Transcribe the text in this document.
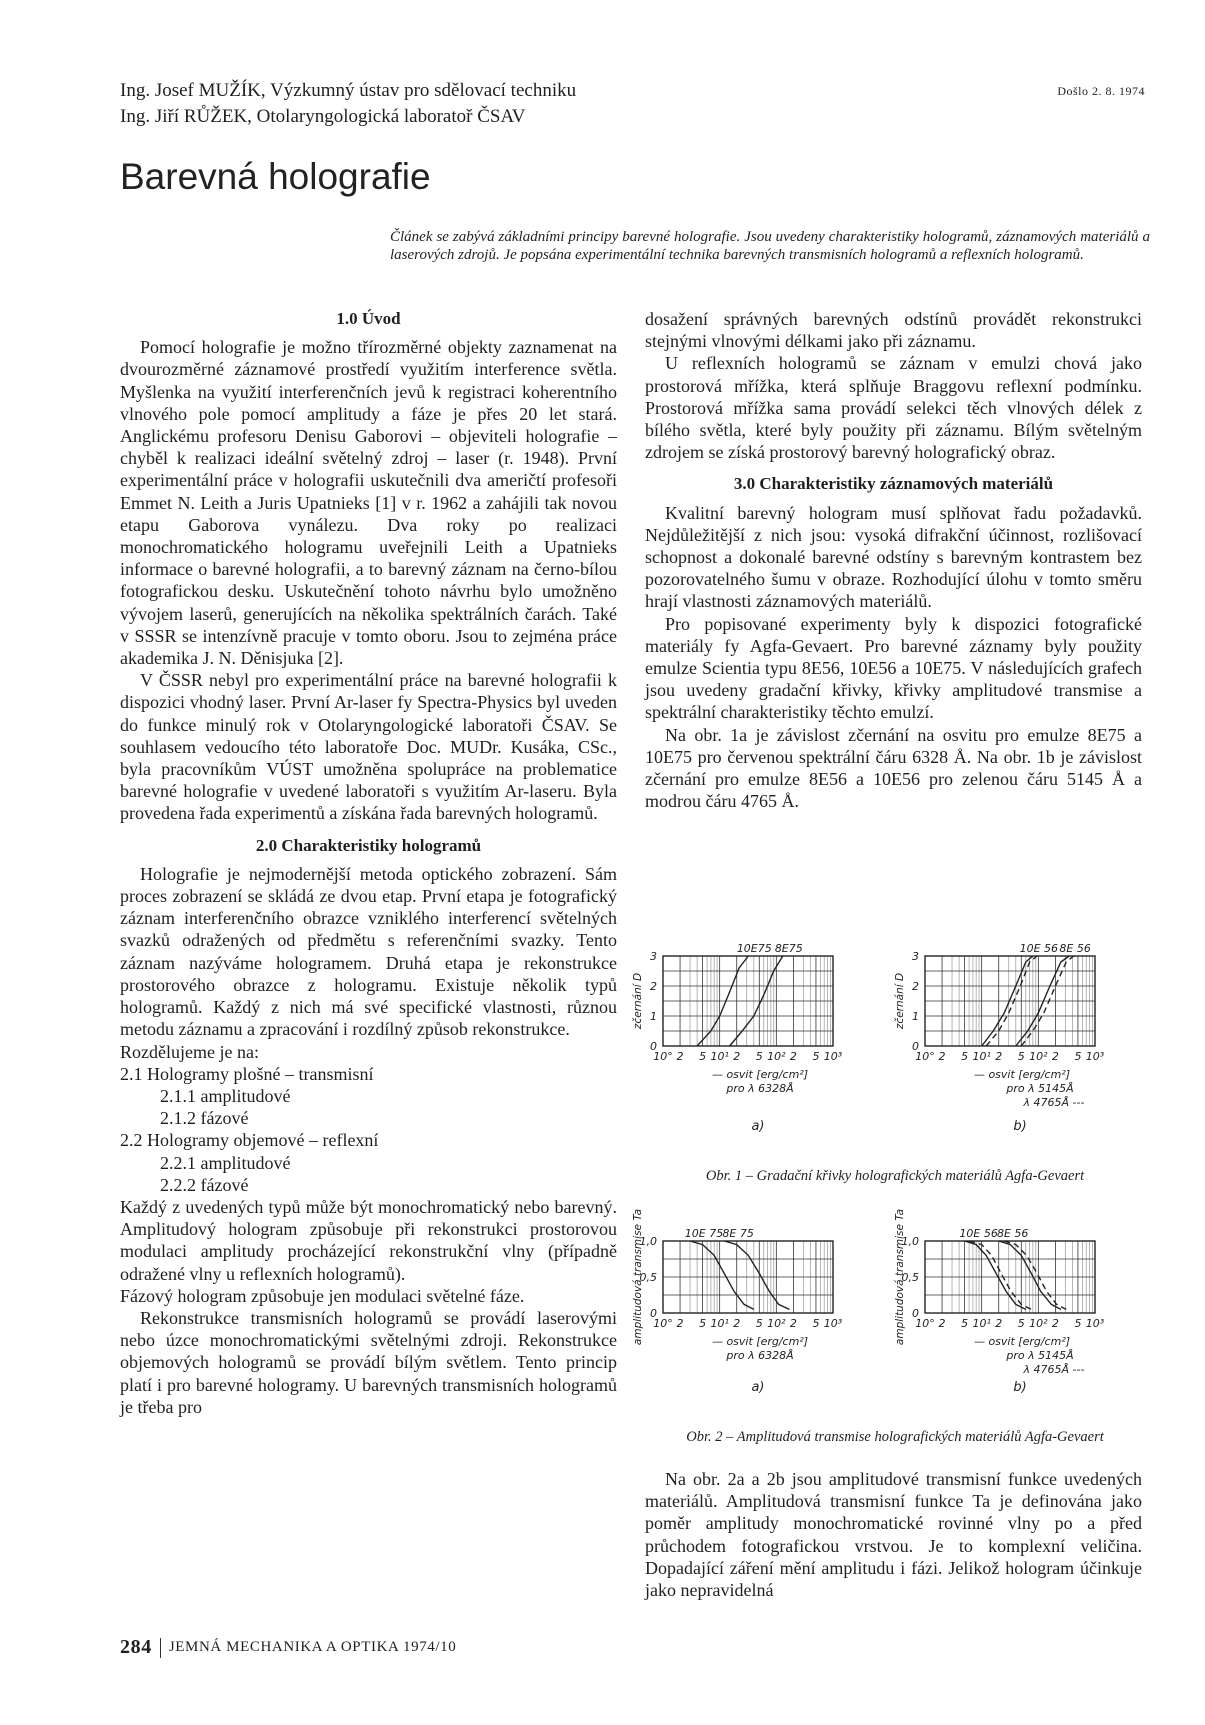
Ing. Josef MUŽÍK, Výzkumný ústav pro sdělovací techniku
Ing. Jiří RŮŽEK, Otolaryngologická laboratoř ČSAV
Došlo 2. 8. 1974
Barevná holografie
Článek se zabývá základními principy barevné holografie. Jsou uvedeny charakteristiky hologramů, záznamových materiálů a laserových zdrojů. Je popsána experimentální technika barevných transmisních hologramů a reflexních hologramů.
1.0 Úvod

Pomocí holografie je možno třírozměrné objekty zaznamenat na dvourozměrné záznamové prostředí využitím interference světla. Myšlenka na využití interferenčních jevů k registraci koherentního vlnového pole pomocí amplitudy a fáze je přes 20 let stará. Anglickému profesoru Denisu Gaborovi – objeviteli holografie – chyběl k realizaci ideální světelný zdroj – laser (r. 1948). První experimentální práce v holografii uskutečnili dva američtí profesoři Emmet N. Leith a Juris Upatnieks [1] v r. 1962 a zahájili tak novou etapu Gaborova vynálezu. Dva roky po realizaci monochromatického hologramu uveřejnili Leith a Upatnieks informace o barevné holografii, a to barevný záznam na černo-bílou fotografickou desku. Uskutečnění tohoto návrhu bylo umožněno vývojem laserů, generujících na několika spektrálních čarách. Také v SSSR se intenzívně pracuje v tomto oboru. Jsou to zejména práce akademika J. N. Děnisjuka [2].

V ČSSR nebyl pro experimentální práce na barevné holografii k dispozici vhodný laser. První Ar-laser fy Spectra-Physics byl uveden do funkce minulý rok v Otolaryngologické laboratoři ČSAV. Se souhlasem vedoucího této laboratoře Doc. MUDr. Kusáka, CSc., byla pracovníkům VÚST umožněna spolupráce na problematice barevné holografie v uvedené laboratoři s využitím Ar-laseru. Byla provedena řada experimentů a získána řada barevných hologramů.

2.0 Charakteristiky hologramů

Holografie je nejmodernější metoda optického zobrazení. Sám proces zobrazení se skládá ze dvou etap. První etapa je fotografický záznam interferenčního obrazce vzniklého interferencí světelných svazků odražených od předmětu s referenčními svazky. Tento záznam nazýváme hologramem. Druhá etapa je rekonstrukce prostorového obrazce z hologramu. Existuje několik typů hologramů. Každý z nich má své specifické vlastnosti, různou metodu záznamu a zpracování i rozdílný způsob rekonstrukce.

Rozdělujeme je na:
2.1 Hologramy plošné – transmisní
2.1.1 amplitudové
2.1.2 fázové
2.2 Hologramy objemové – reflexní
2.2.1 amplitudové
2.2.2 fázové

Každý z uvedených typů může být monochromatický nebo barevný. Amplitudový hologram způsobuje při rekonstrukci prostorovou modulaci amplitudy procházející rekonstrukční vlny (případně odražené vlny u reflexních hologramů).

Fázový hologram způsobuje jen modulaci světelné fáze.

Rekonstrukce transmisních hologramů se provádí laserovými nebo úzce monochromatickými světelnými zdroji. Rekonstrukce objemových hologramů se provádí bílým světlem. Tento princip platí i pro barevné hologramy. U barevných transmisních hologramů je třeba pro

dosažení správných barevných odstínů provádět rekonstrukci stejnými vlnovými délkami jako při záznamu.

U reflexních hologramů se záznam v emulzi chová jako prostorová mřížka, která splňuje Braggovu reflexní podmínku. Prostorová mřížka sama provádí selekci těch vlnových délek z bílého světla, které byly použity při záznamu. Bílým světelným zdrojem se získá prostorový barevný holografický obraz.

3.0 Charakteristiky záznamových materiálů

Kvalitní barevný hologram musí splňovat řadu požadavků. Nejdůležitější z nich jsou: vysoká difrakční účinnost, rozlišovací schopnost a dokonalé barevné odstíny s barevným kontrastem bez pozorovatelného šumu v obraze. Rozhodující úlohu v tomto směru hrají vlastnosti záznamových materiálů.

Pro popisované experimenty byly k dispozici fotografické materiály fy Agfa-Gevaert. Pro barevné záznamy byly použity emulze Scientia typu 8E56, 10E56 a 10E75. V následujících grafech jsou uvedeny gradační křivky, křivky amplitudové transmise a spektrální charakteristiky těchto emulzí.

Na obr. 1a je závislost zčernání na osvitu pro emulze 8E75 a 10E75 pro červenou spektrální čáru 6328 Å. Na obr. 1b je závislost zčernání pro emulze 8E56 a 10E56 pro zelenou čáru 5145 Å a modrou čáru 4765 Å.

0
1
2
3
10° 2 5 10¹ 2 5 10² 2 5 10³
zčernání D
— osvit [erg/cm²]
pro λ 6328Å
a)
10E75 8E75
0
1
2
3
10° 2 5 10¹ 2 5 10² 2 5 10³
zčernání D
— osvit [erg/cm²]
pro λ 5145Å
λ 4765Å ---
b)
10E 56 8E 56
Obr. 1 – Gradační křivky holografických materiálů Agfa-Gevaert
0
0,5
1,0
10° 2 5 10¹ 2 5 10² 2 5 10³
amplitudová transmise Ta	— osvit [erg/cm²]
pro λ 6328Å
a)
10E 75 8E 75
0
0,5
1,0
10° 2 5 10¹ 2 5 10² 2 5 10³
amplitudová transmise Ta	— osvit [erg/cm²]
pro λ 5145Å
λ 4765Å ---
b)
10E 56 8E 56
Obr. 2 – Amplitudová transmise holografických materiálů Agfa-Gevaert

Na obr. 2a a 2b jsou amplitudové transmisní funkce uvedených materiálů. Amplitudová transmisní funkce Ta je definována jako poměr amplitudy monochromatické rovinné vlny po a před průchodem fotografickou vrstvou. Je to komplexní veličina. Dopadající záření mění amplitudu i fázi. Jelikož hologram účinkuje jako nepravidelná

284 JEMNÁ MECHANIKA A OPTIKA 1974/10
